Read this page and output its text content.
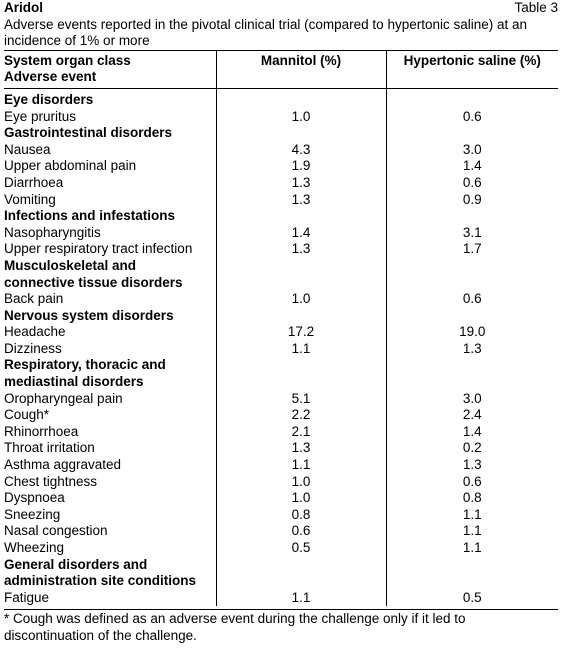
Aridol	Table 3
Adverse events reported in the pivotal clinical trial (compared to hypertonic saline) at an incidence of 1% or more
System organ class
Adverse event	Mannitol (%)	Hypertonic saline (%)
Eye disorders		
Eye pruritus	1.0	0.6
Gastrointestinal disorders		
Nausea	4.3	3.0
Upper abdominal pain	1.9	1.4
Diarrhoea	1.3	0.6
Vomiting	1.3	0.9
Infections and infestations		
Nasopharyngitis	1.4	3.1
Upper respiratory tract infection	1.3	1.7
Musculoskeletal and		
connective tissue disorders		
Back pain	1.0	0.6
Nervous system disorders		
Headache	17.2	19.0
Dizziness	1.1	1.3
Respiratory, thoracic and		
mediastinal disorders		
Oropharyngeal pain	5.1	3.0
Cough*	2.2	2.4
Rhinorrhoea	2.1	1.4
Throat irritation	1.3	0.2
Asthma aggravated	1.1	1.3
Chest tightness	1.0	0.6
Dyspnoea	1.0	0.8
Sneezing	0.8	1.1
Nasal congestion	0.6	1.1
Wheezing	0.5	1.1
General disorders and		
administration site conditions		
Fatigue	1.1	0.5
* Cough was defined as an adverse event during the challenge only if it led to discontinuation of the challenge.
